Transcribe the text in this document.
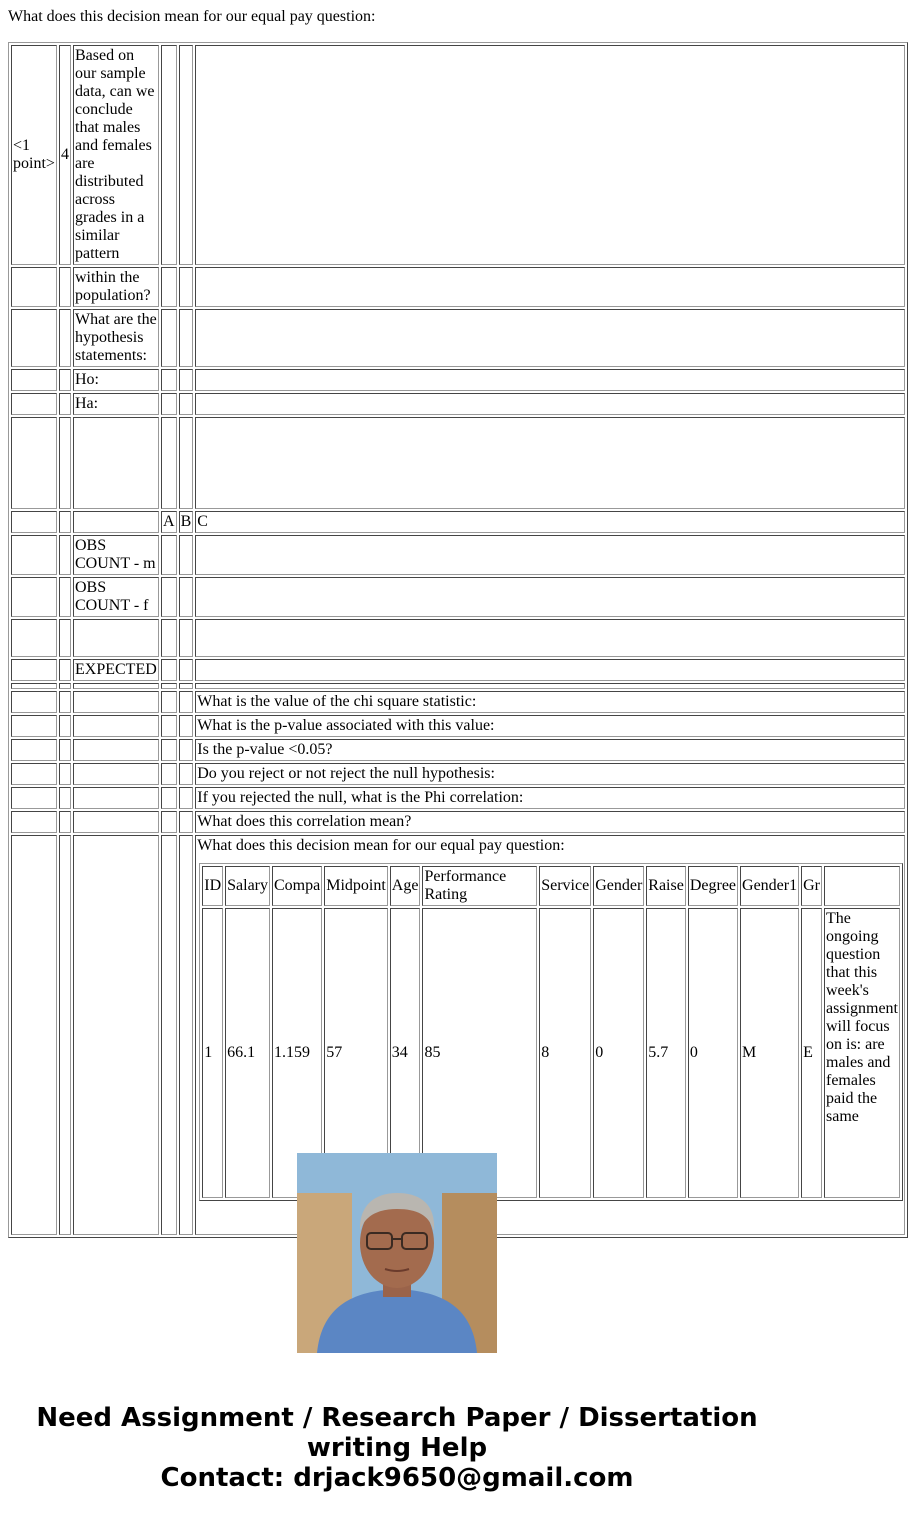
What does this decision mean for our equal pay question:

<1 point>	4	Based on our sample data, can we conclude that males and females are distributed across grades in a similar pattern			
		within the population?			
		What are the hypothesis statements:			
		Ho:			
		Ha:			

			A	B	C
		OBS COUNT - m			
		OBS COUNT - f			

		EXPECTED			

					What is the value of the chi square statistic:
					What is the p-value associated with this value:
					Is the p-value <0.05?
					Do you reject or not reject the null hypothesis:
					If you rejected the null, what is the Phi correlation:
					What does this correlation mean?

What does this decision mean for our equal pay question:
ID	Salary	Compa	Midpoint	Age	Performance Rating	Service	Gender	Raise	Degree	Gender1	Gr	
1	66.1	1.159	57	34	85	8	0	5.7	0	M	E	The ongoing question that this week's assignment will focus on is: are males and females paid the same
Need Assignment / Research Paper / Dissertation
writing Help
Contact: drjack9650@gmail.com
